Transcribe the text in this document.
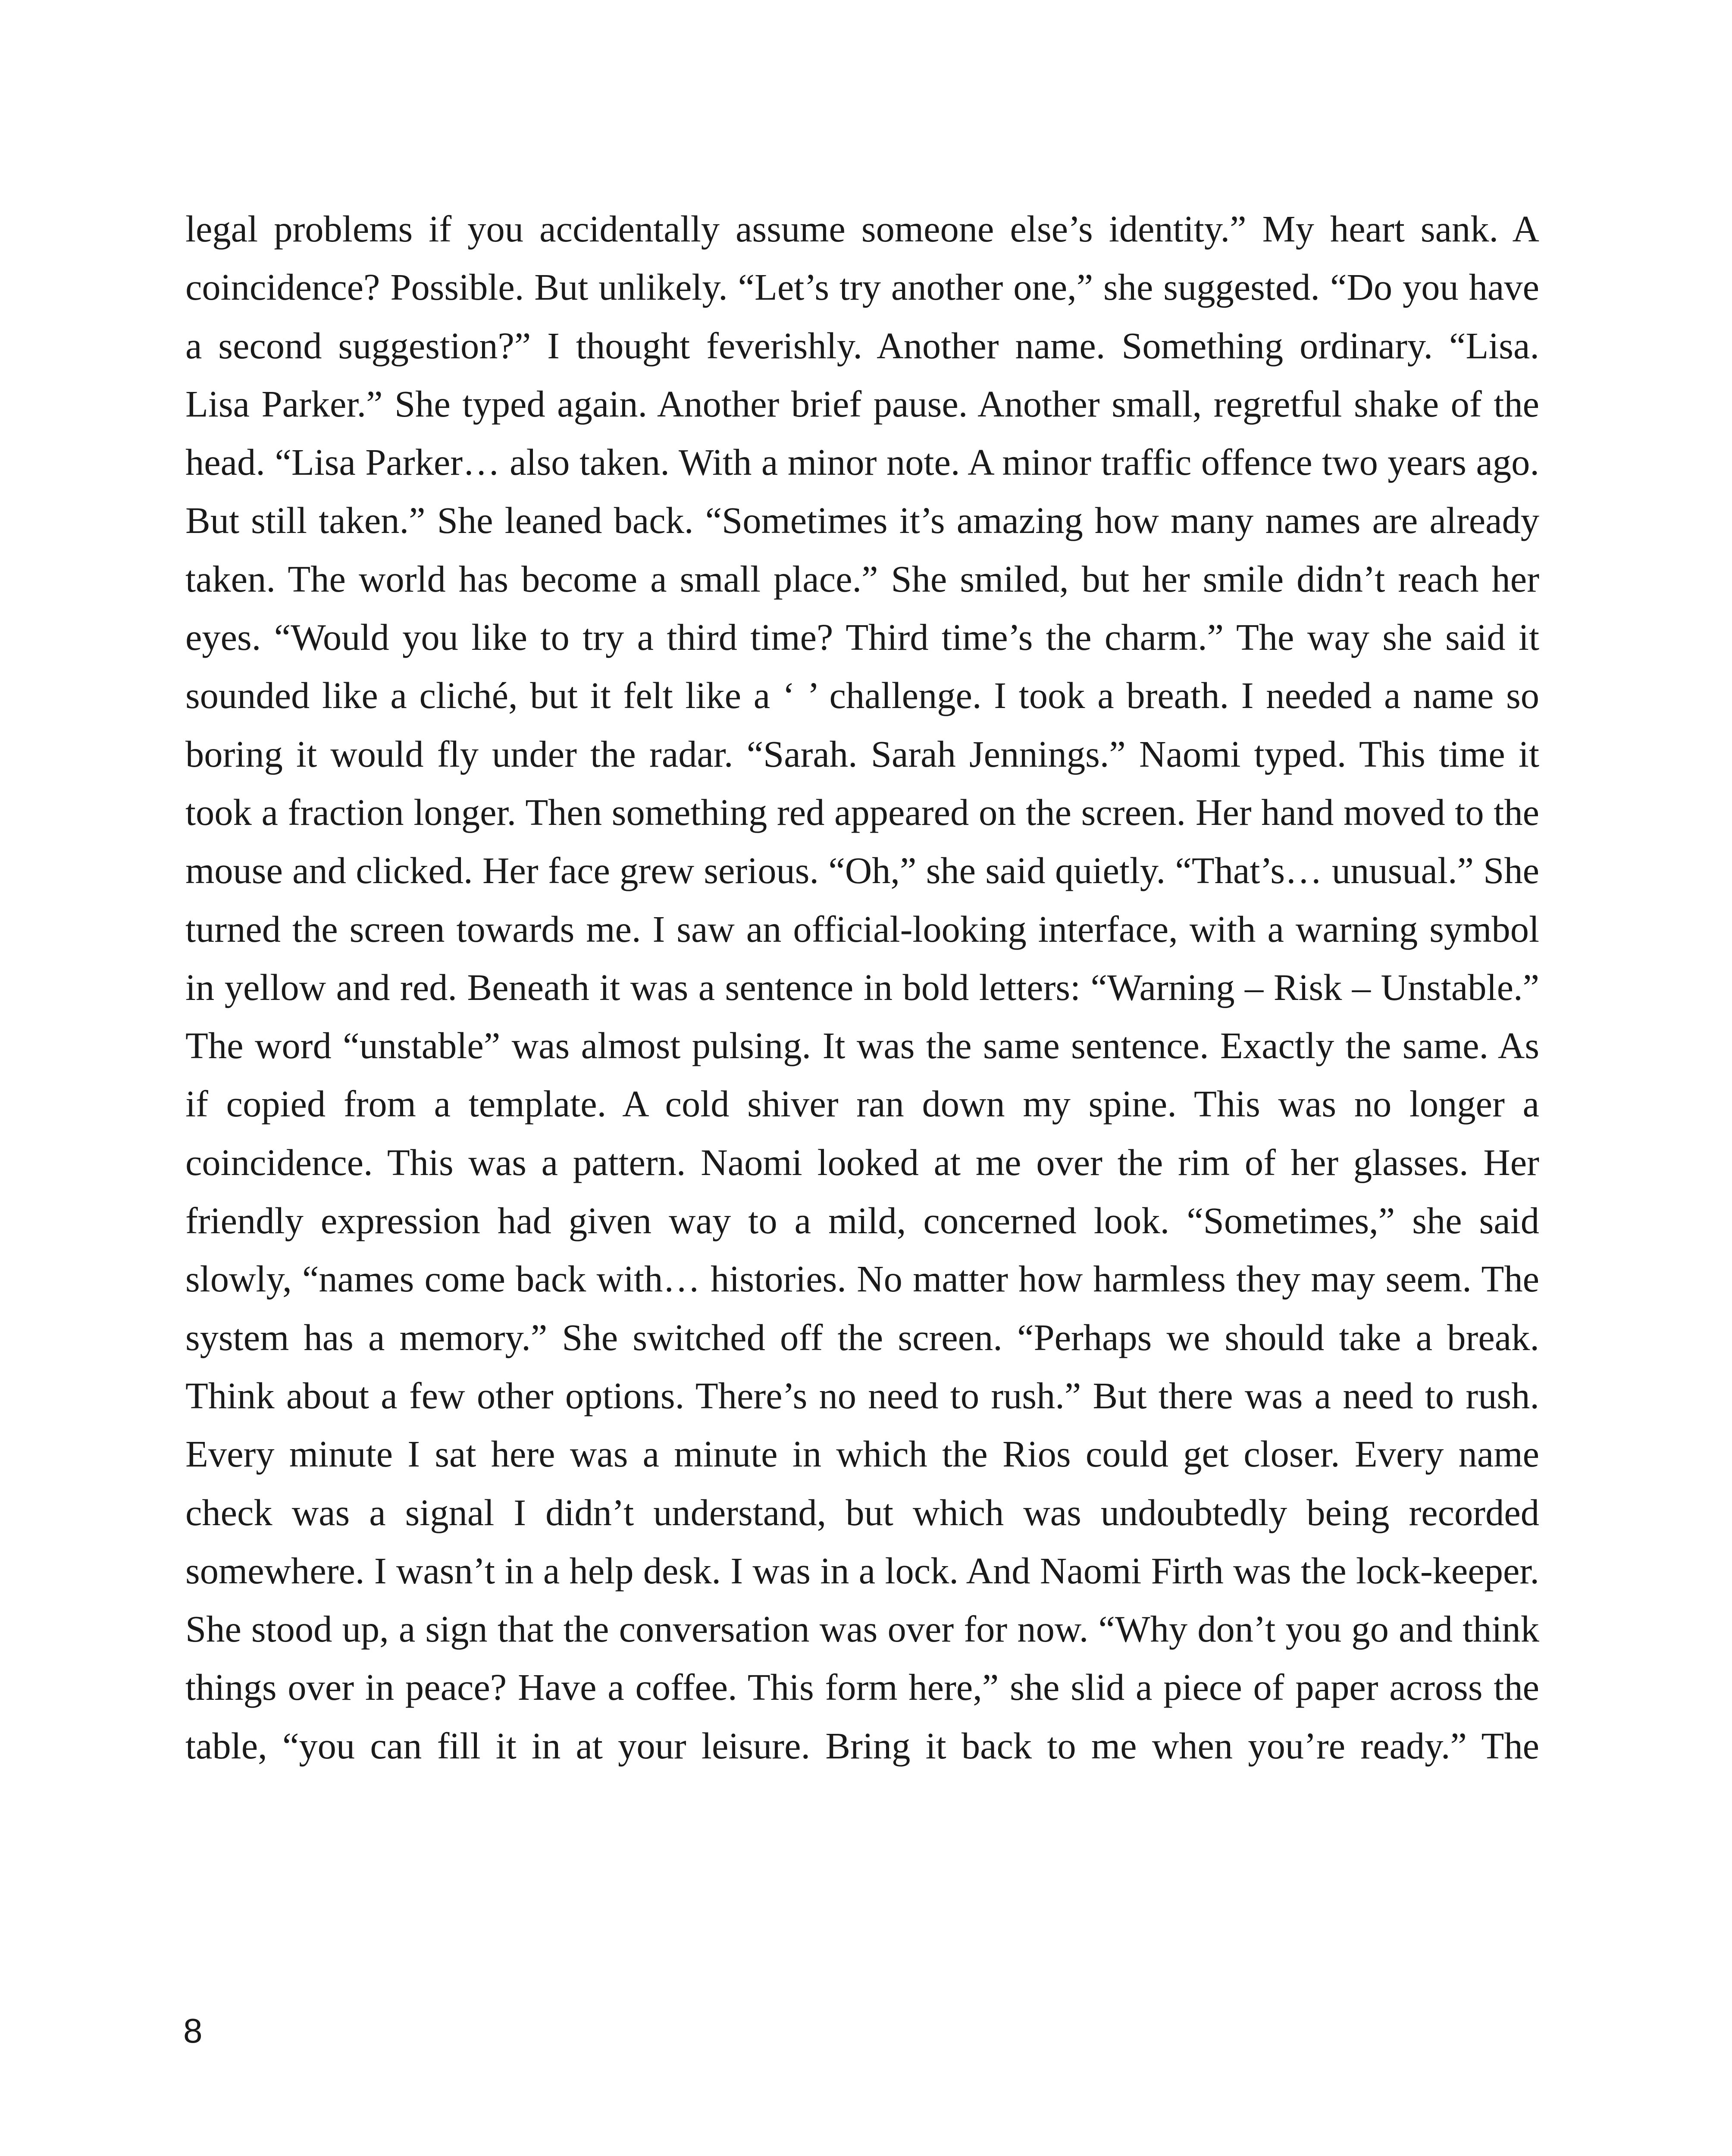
legal problems if you accidentally assume someone else’s identity.” My heart sank. A coincidence? Possible. But unlikely. “Let’s try another one,” she suggested. “Do you have a second suggestion?” I thought feverishly. Another name. Something ordinary. “Lisa. Lisa Parker.” She typed again. Another brief pause. Another small, regretful shake of the head. “Lisa Parker… also taken. With a minor note. A minor traffic offence two years ago. But still taken.” She leaned back. “Sometimes it’s amazing how many names are already taken. The world has become a small place.” She smiled, but her smile didn’t reach her eyes. “Would you like to try a third time? Third time’s the charm.” The way she said it sounded like a cliché, but it felt like a ‘ ’ challenge. I took a breath. I needed a name so boring it would fly under the radar. “Sarah. Sarah Jennings.” Naomi typed. This time it took a fraction longer. Then something red appeared on the screen. Her hand moved to the mouse and clicked. Her face grew serious. “Oh,” she said quietly. “That’s… unusual.” She turned the screen towards me. I saw an official-looking interface, with a warning symbol in yellow and red. Beneath it was a sentence in bold letters: “Warning – Risk – Unstable.” The word “unstable” was almost pulsing. It was the same sentence. Exactly the same. As if copied from a template. A cold shiver ran down my spine. This was no longer a coincidence. This was a pattern. Naomi looked at me over the rim of her glasses. Her friendly expression had given way to a mild, concerned look. “Sometimes,” she said slowly, “names come back with… histories. No matter how harmless they may seem. The system has a memory.” She switched off the screen. “Perhaps we should take a break. Think about a few other options. There’s no need to rush.” But there was a need to rush. Every minute I sat here was a minute in which the Rios could get closer. Every name check was a signal I didn’t understand, but which was undoubtedly being recorded somewhere. I wasn’t in a help desk. I was in a lock. And Naomi Firth was the lock-keeper. She stood up, a sign that the conversation was over for now. “Why don’t you go and think things over in peace? Have a coffee. This form here,” she slid a piece of paper across the table, “you can fill it in at your leisure. Bring it back to me when you’re ready.” The

8
